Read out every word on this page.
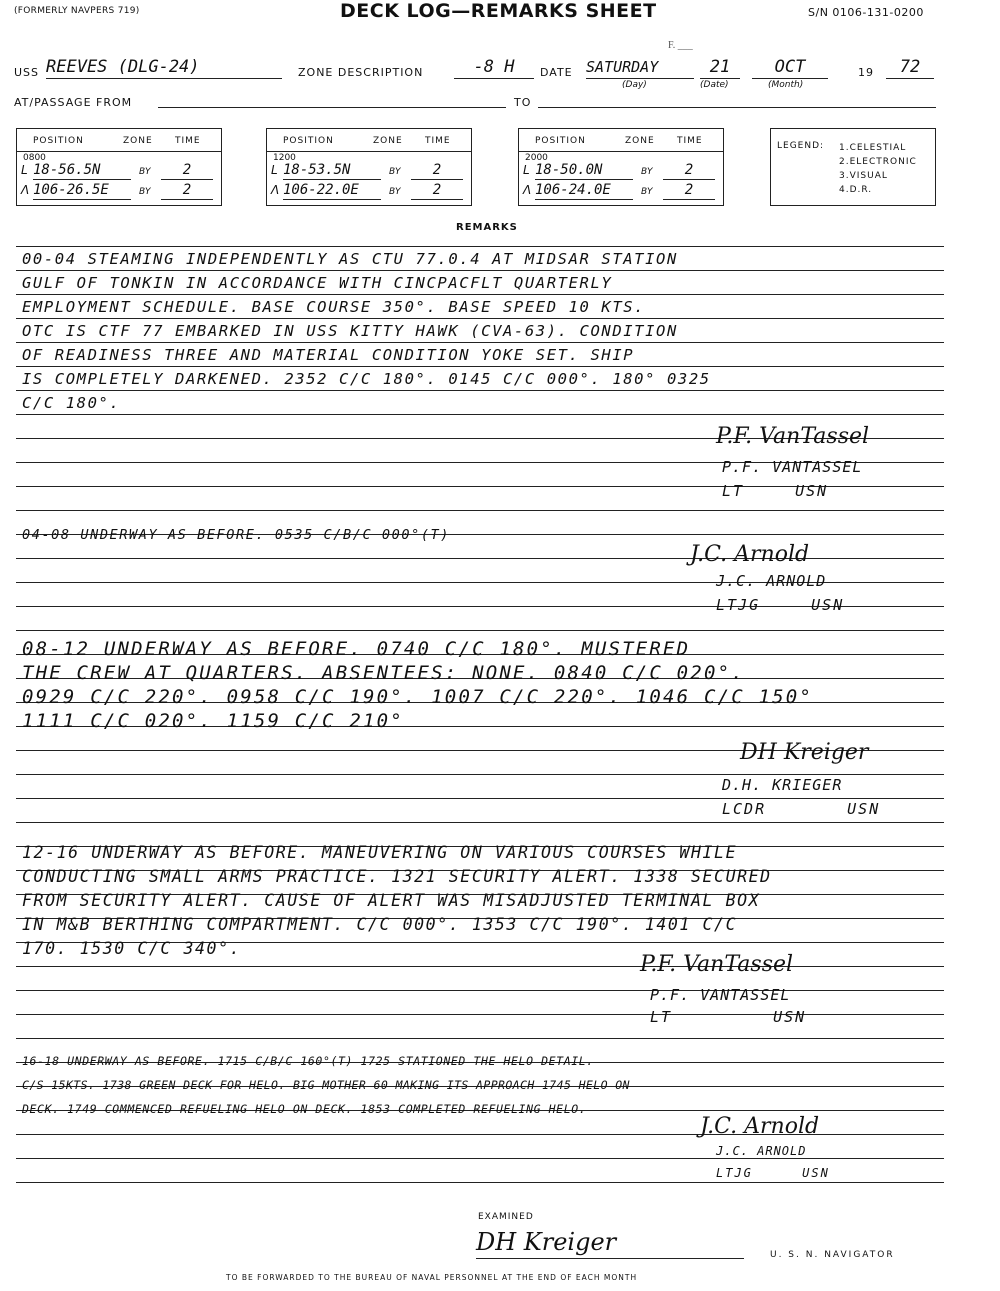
(FORMERLY NAVPERS 719)	DECK LOG—REMARKS SHEET	S/N 0106-131-0200
F. ___
USS REEVES (DLG-24)	ZONE DESCRIPTION	-8 H	DATE SATURDAY	21	OCT	19	72
(Day)	(Date)	(Month)
AT/PASSAGE FROM	TO
POSITION	ZONE TIME
0800
L 18-56.5N	BY	2
Λ 106-26.5E	BY	2
POSITION	ZONE TIME
1200
L 18-53.5N	BY	2
Λ 106-22.0E	BY	2
POSITION	ZONE TIME
2000
L 18-50.0N	BY	2
Λ 106-24.0E	BY	2
LEGEND: 1.CELESTIAL
2.ELECTRONIC
3.VISUAL
4.D.R.
REMARKS
00-04 STEAMING INDEPENDENTLY AS CTU 77.0.4 AT MIDSAR STATION
GULF OF TONKIN IN ACCORDANCE WITH CINCPACFLT QUARTERLY
EMPLOYMENT SCHEDULE. BASE COURSE 350°. BASE SPEED 10 KTS.
OTC IS CTF 77 EMBARKED IN USS KITTY HAWK (CVA-63). CONDITION
OF READINESS THREE AND MATERIAL CONDITION YOKE SET. SHIP
IS COMPLETELY DARKENED. 2352 C/C 180°. 0145 C/C 000°. 180° 0325
C/C 180°.
P.F. VanTassel
P.F. VANTASSEL
LT USN
04-08 UNDERWAY AS BEFORE. 0535 C/B/C 000°(T)
J.C. Arnold
J.C. ARNOLD
LTJG USN
08-12 UNDERWAY AS BEFORE. 0740 C/C 180°. MUSTERED
THE CREW AT QUARTERS. ABSENTEES: NONE. 0840 C/C 020°.
0929 C/C 220°. 0958 C/C 190°. 1007 C/C 220°. 1046 C/C 150°
1111 C/C 020°. 1159 C/C 210°
DH Kreiger
D.H. KRIEGER
LCDR USN
12-16 UNDERWAY AS BEFORE. MANEUVERING ON VARIOUS COURSES WHILE
CONDUCTING SMALL ARMS PRACTICE. 1321 SECURITY ALERT. 1338 SECURED
FROM SECURITY ALERT. CAUSE OF ALERT WAS MISADJUSTED TERMINAL BOX
IN M&B BERTHING COMPARTMENT. C/C 000°. 1353 C/C 190°. 1401 C/C
170. 1530 C/C 340°.
P.F. VanTassel
P.F. VANTASSEL
LT USN
16-18 UNDERWAY AS BEFORE. 1715 C/B/C 160°(T) 1725 STATIONED THE HELO DETAIL.
C/S 15KTS. 1738 GREEN DECK FOR HELO. BIG MOTHER 60 MAKING ITS APPROACH 1745 HELO ON
DECK. 1749 COMMENCED REFUELING HELO ON DECK. 1853 COMPLETED REFUELING HELO.
J.C. Arnold
J.C. ARNOLD
LTJG USN
EXAMINED
DH Kreiger	U. S. N. NAVIGATOR
TO BE FORWARDED TO THE BUREAU OF NAVAL PERSONNEL AT THE END OF EACH MONTH
